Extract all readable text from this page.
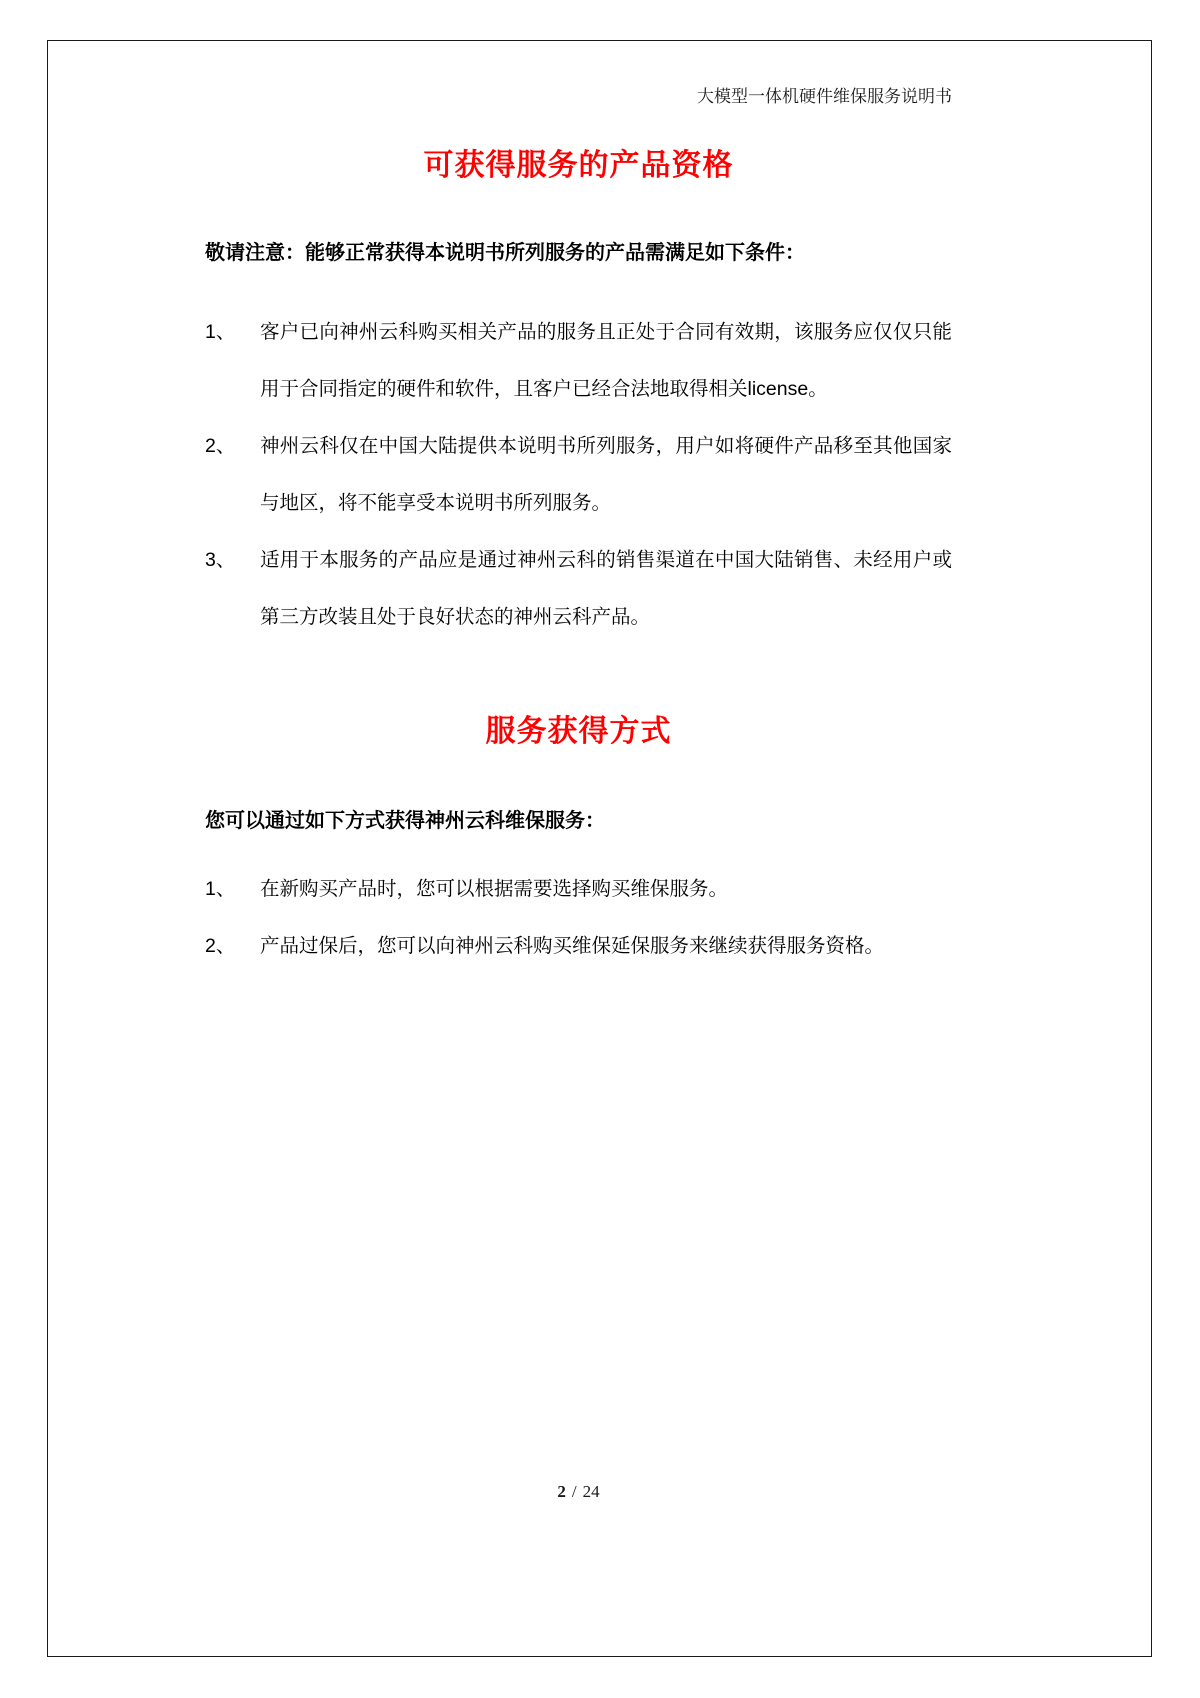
大模型一体机硬件维保服务说明书
可获得服务的产品资格
敬请注意：能够正常获得本说明书所列服务的产品需满足如下条件：
1、	客户已向神州云科购买相关产品的服务且正处于合同有效期，该服务应仅仅只能用于合同指定的硬件和软件，且客户已经合法地取得相关license。
2、	神州云科仅在中国大陆提供本说明书所列服务，用户如将硬件产品移至其他国家与地区，将不能享受本说明书所列服务。
3、	适用于本服务的产品应是通过神州云科的销售渠道在中国大陆销售、未经用户或第三方改装且处于良好状态的神州云科产品。
服务获得方式
您可以通过如下方式获得神州云科维保服务：
1、	在新购买产品时，您可以根据需要选择购买维保服务。
2、	产品过保后，您可以向神州云科购买维保延保服务来继续获得服务资格。
2 / 24
